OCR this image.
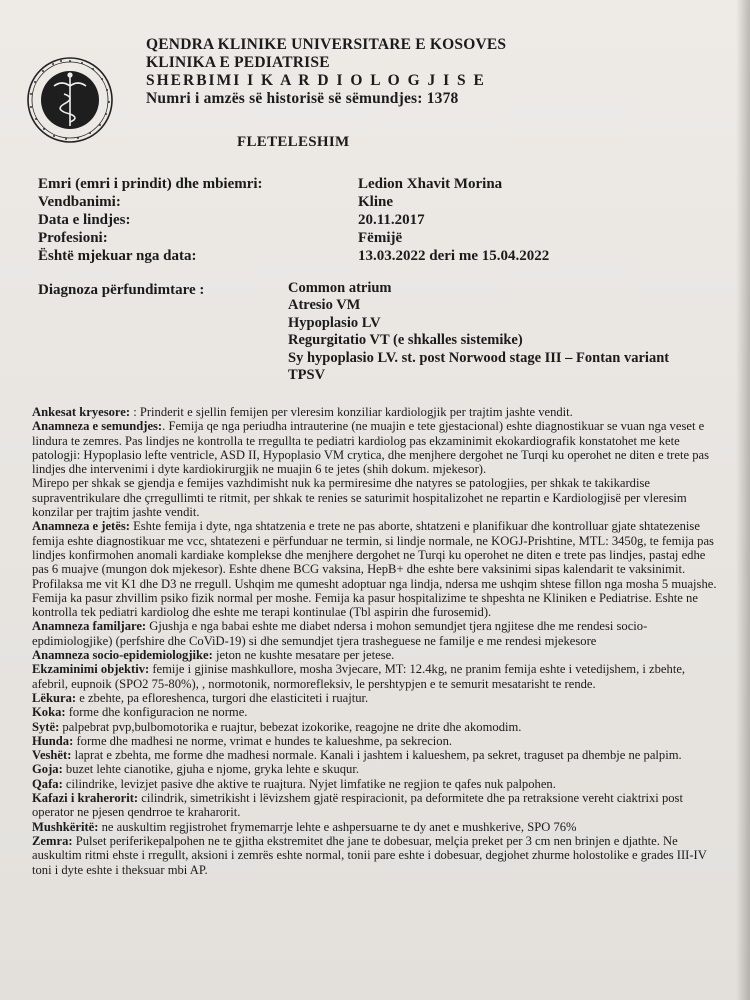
QENDRA KLINIKE UNIVERSITARE E KOSOVES
KLINIKA E PEDIATRISE
SHERBIMI I K A R D I O L O G J I S E
Numri i amzës së historisë së sëmundjes: 1378
FLETELESHIM
Emri (emri i prindit) dhe mbiemri:	Ledion Xhavit Morina
Vendbanimi:	Kline
Data e lindjes:	20.11.2017
Profesioni:	Fëmijë
Është mjekuar nga data:	13.03.2022 deri me 15.04.2022
Diagnoza përfundimtare :	Common atrium
Atresio VM
Hypoplasio LV
Regurgitatio VT (e shkalles sistemike)
Sy hypoplasio LV. st. post Norwood stage III – Fontan variant
TPSV

Ankesat kryesore: : Prinderit e sjellin femijen per vleresim konziliar kardiologjik per trajtim jashte vendit.

Anamneza e semundjes:. Femija qe nga periudha intrauterine (ne muajin e tete gjestacional) eshte diagnostikuar se vuan nga veset e lindura te zemres. Pas lindjes ne kontrolla te rregullta te pediatri kardiolog pas ekzaminimit ekokardiografik konstatohet me kete patologji: Hypoplasio lefte ventricle, ASD II, Hypoplasio VM crytica, dhe menjhere dergohet ne Turqi ku operohet ne diten e trete pas lindjes dhe intervenimi i dyte kardiokirurgjik ne muajin 6 te jetes (shih dokum. mjekesor).

Mirepo per shkak se gjendja e femijes vazhdimisht nuk ka permiresime dhe natyres se patologjies, per shkak te takikardise supraventrikulare dhe çrregullimti te ritmit, per shkak te renies se saturimit hospitalizohet ne repartin e Kardiologjisë per vleresim konzilar per trajtim jashte vendit.

Anamneza e jetës: Eshte femija i dyte, nga shtatzenia e trete ne pas aborte, shtatzeni e planifikuar dhe kontrolluar gjate shtatezenise femija eshte diagnostikuar me vcc, shtatezeni e përfunduar ne termin, si lindje normale, ne KOGJ-Prishtine, MTL: 3450g, te femija pas lindjes konfirmohen anomali kardiake komplekse dhe menjhere dergohet ne Turqi ku operohet ne diten e trete pas lindjes, pastaj edhe pas 6 muajve (mungon dok mjekesor). Eshte dhene BCG vaksina, HepB+ dhe eshte bere vaksinimi sipas kalendarit te vaksinimit. Profilaksa me vit K1 dhe D3 ne rregull. Ushqim me qumesht adoptuar nga lindja, ndersa me ushqim shtese fillon nga mosha 5 muajshe. Femija ka pasur zhvillim psiko fizik normal per moshe. Femija ka pasur hospitalizime te shpeshta ne Kliniken e Pediatrise. Eshte ne kontrolla tek pediatri kardiolog dhe eshte me terapi kontinulae (Tbl aspirin dhe furosemid).

Anamneza familjare: Gjushja e nga babai eshte me diabet ndersa i mohon semundjet tjera ngjitese dhe me rendesi socio-epdimiologjike) (perfshire dhe CoViD-19) si dhe semundjet tjera trasheguese ne familje e me rendesi mjekesore

Anamneza socio-epidemiologjike: jeton ne kushte mesatare per jetese.

Ekzaminimi objektiv: femije i gjinise mashkullore, mosha 3vjecare, MT: 12.4kg, ne pranim femija eshte i vetedijshem, i zbehte, afebril, eupnoik (SPO2 75-80%), , normotonik, normorefleksiv, le pershtypjen e te semurit mesatarisht te rende.

Lëkura: e zbehte, pa efloreshenca, turgori dhe elasticiteti i ruajtur.

Koka: forme dhe konfiguracion ne norme.

Sytë: palpebrat pvp,bulbomotorika e ruajtur, bebezat izokorike, reagojne ne drite dhe akomodim.

Hunda: forme dhe madhesi ne norme, vrimat e hundes te kalueshme, pa sekrecion.

Veshët: laprat e zbehta, me forme dhe madhesi normale. Kanali i jashtem i kalueshem, pa sekret, traguset pa dhembje ne palpim.

Goja: buzet lehte cianotike, gjuha e njome, gryka lehte e skuqur.

Qafa: cilindrike, levizjet pasive dhe aktive te ruajtura. Nyjet limfatike ne regjion te qafes nuk palpohen.

Kafazi i kraherorit: cilindrik, simetrikisht i lëvizshem gjatë respiracionit, pa deformitete dhe pa retraksione vereht ciaktrixi post operator ne pjesen qendrroe te kraharorit.

Mushkëritë: ne auskultim regjistrohet frymemarrje lehte e ashpersuarne te dy anet e mushkerive, SPO 76%

Zemra: Pulset periferikepalpohen ne te gjitha ekstremitet dhe jane te dobesuar, melçia preket per 3 cm nen brinjen e djathte. Ne auskultim ritmi ehste i rregullt, aksioni i zemrës eshte normal, tonii pare eshte i dobesuar, degjohet zhurme holostolike e grades III-IV toni i dyte eshte i theksuar mbi AP.
